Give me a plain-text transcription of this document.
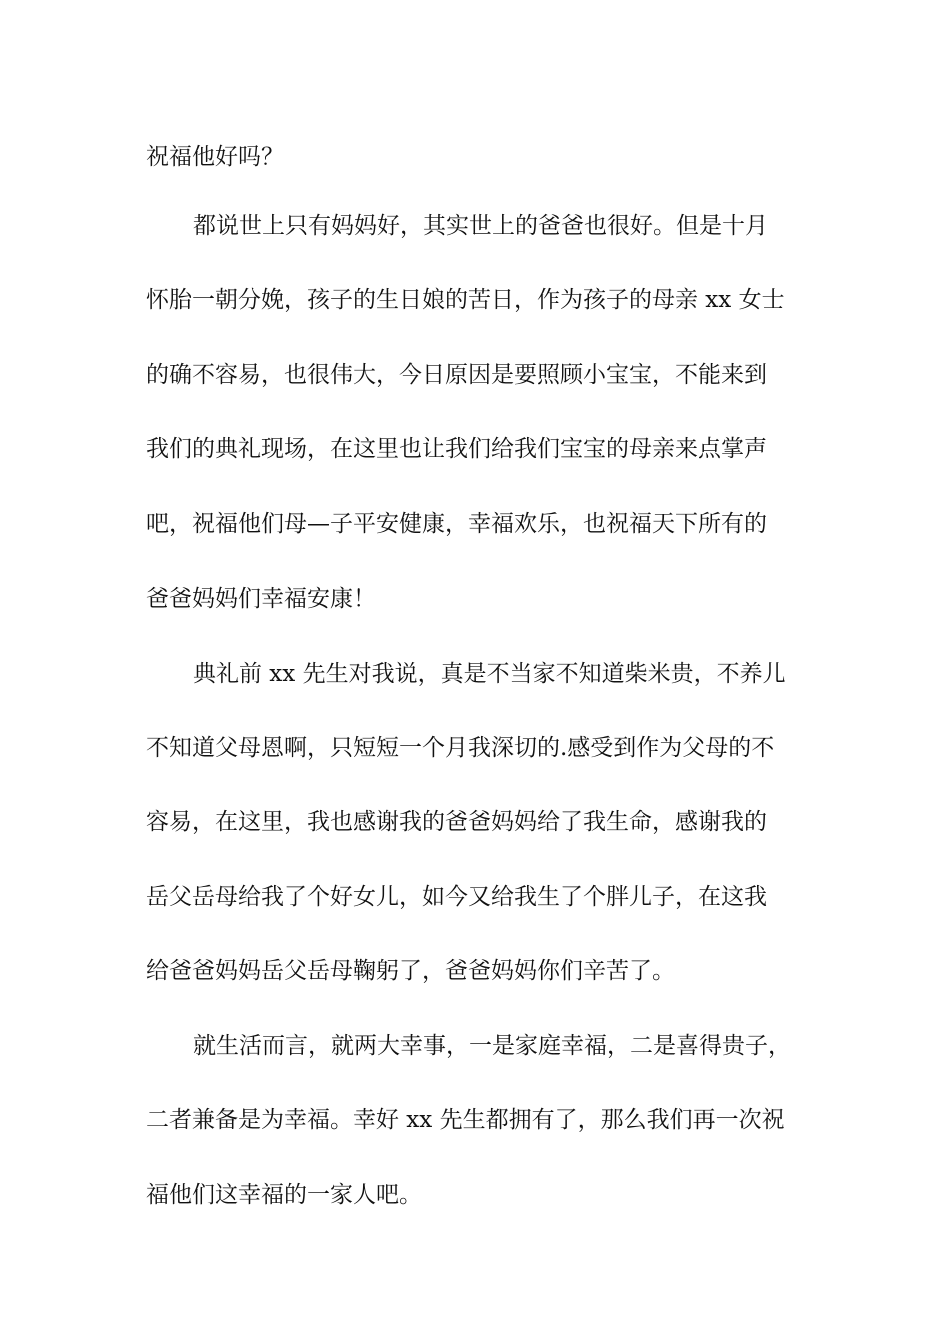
祝福他好吗？
都说世上只有妈妈好，其实世上的爸爸也很好。但是十月
怀胎一朝分娩，孩子的生日娘的苦日，作为孩子的母亲 xx 女士
的确不容易，也很伟大，今日原因是要照顾小宝宝，不能来到
我们的典礼现场，在这里也让我们给我们宝宝的母亲来点掌声
吧，祝福他们母—子平安健康，幸福欢乐，也祝福天下所有的
爸爸妈妈们幸福安康！
典礼前 xx 先生对我说，真是不当家不知道柴米贵，不养儿
不知道父母恩啊，只短短一个月我深切的.感受到作为父母的不
容易，在这里，我也感谢我的爸爸妈妈给了我生命，感谢我的
岳父岳母给我了个好女儿，如今又给我生了个胖儿子，在这我
给爸爸妈妈岳父岳母鞠躬了，爸爸妈妈你们辛苦了。
就生活而言，就两大幸事，一是家庭幸福，二是喜得贵子，
二者兼备是为幸福。幸好 xx 先生都拥有了，那么我们再一次祝
福他们这幸福的一家人吧。
